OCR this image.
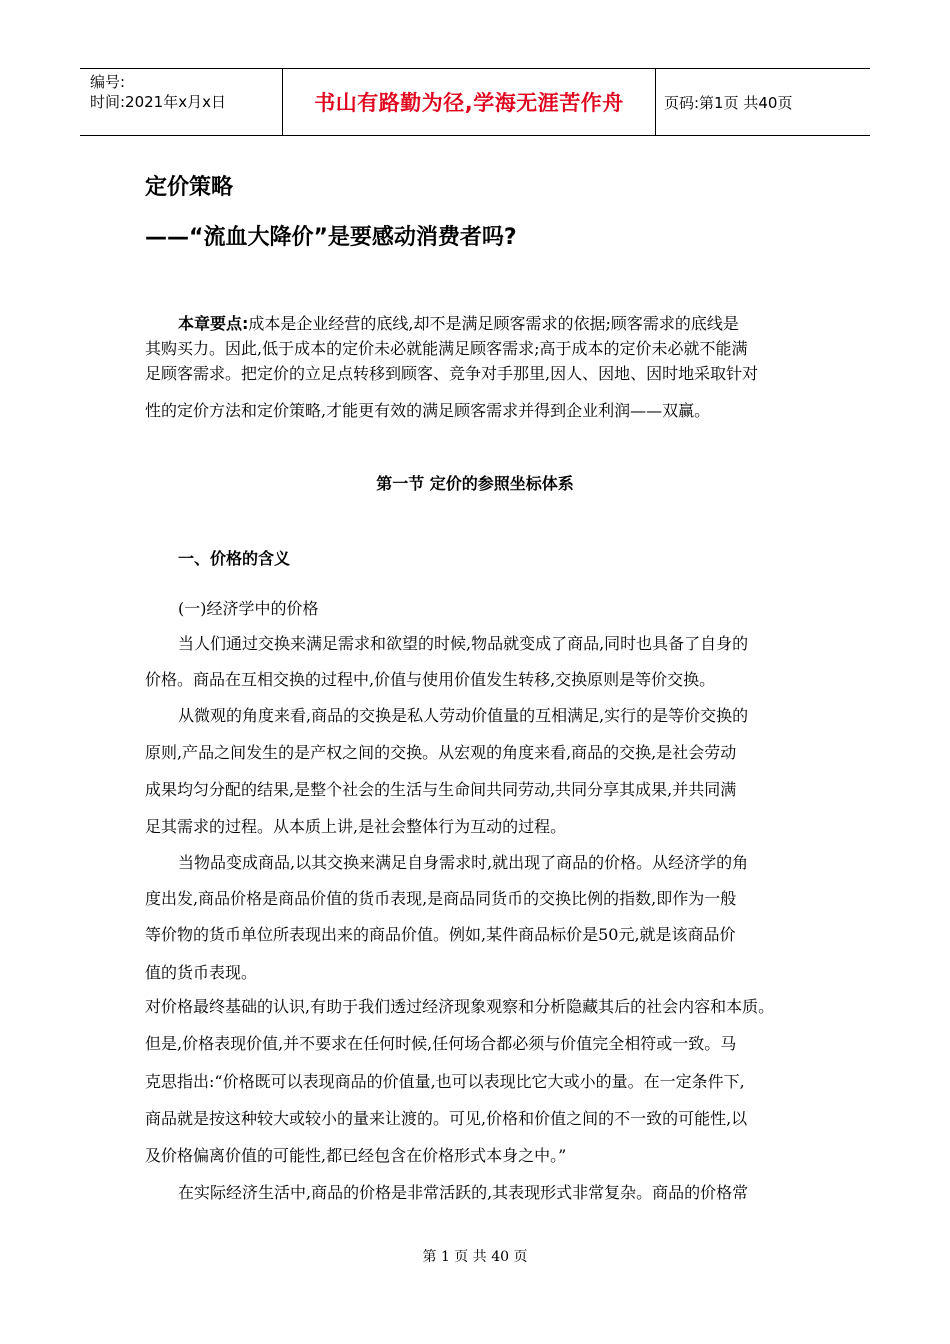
编号:
时间:2021年x月x日	书山有路勤为径,学海无涯苦作舟	页码:第1页 共40页
定价策略
——“流血大降价”是要感动消费者吗?
本章要点:成本是企业经营的底线,却不是满足顾客需求的依据;顾客需求的底线是
其购买力。因此,低于成本的定价未必就能满足顾客需求;高于成本的定价未必就不能满
足顾客需求。把定价的立足点转移到顾客、竞争对手那里,因人、因地、因时地采取针对
性的定价方法和定价策略,才能更有效的满足顾客需求并得到企业利润——双赢。
第一节 定价的参照坐标体系
一、价格的含义
(一)经济学中的价格
当人们通过交换来满足需求和欲望的时候,物品就变成了商品,同时也具备了自身的
价格。商品在互相交换的过程中,价值与使用价值发生转移,交换原则是等价交换。
从微观的角度来看,商品的交换是私人劳动价值量的互相满足,实行的是等价交换的
原则,产品之间发生的是产权之间的交换。从宏观的角度来看,商品的交换,是社会劳动
成果均匀分配的结果,是整个社会的生活与生命间共同劳动,共同分享其成果,并共同满
足其需求的过程。从本质上讲,是社会整体行为互动的过程。
当物品变成商品,以其交换来满足自身需求时,就出现了商品的价格。从经济学的角
度出发,商品价格是商品价值的货币表现,是商品同货币的交换比例的指数,即作为一般
等价物的货币单位所表现出来的商品价值。例如,某件商品标价是50元,就是该商品价
值的货币表现。
对价格最终基础的认识,有助于我们透过经济现象观察和分析隐藏其后的社会内容和本质。
但是,价格表现价值,并不要求在任何时候,任何场合都必须与价值完全相符或一致。马
克思指出:“价格既可以表现商品的价值量,也可以表现比它大或小的量。在一定条件下,
商品就是按这种较大或较小的量来让渡的。可见,价格和价值之间的不一致的可能性,以
及价格偏离价值的可能性,都已经包含在价格形式本身之中。”
在实际经济生活中,商品的价格是非常活跃的,其表现形式非常复杂。商品的价格常
第 1 页 共 40 页
